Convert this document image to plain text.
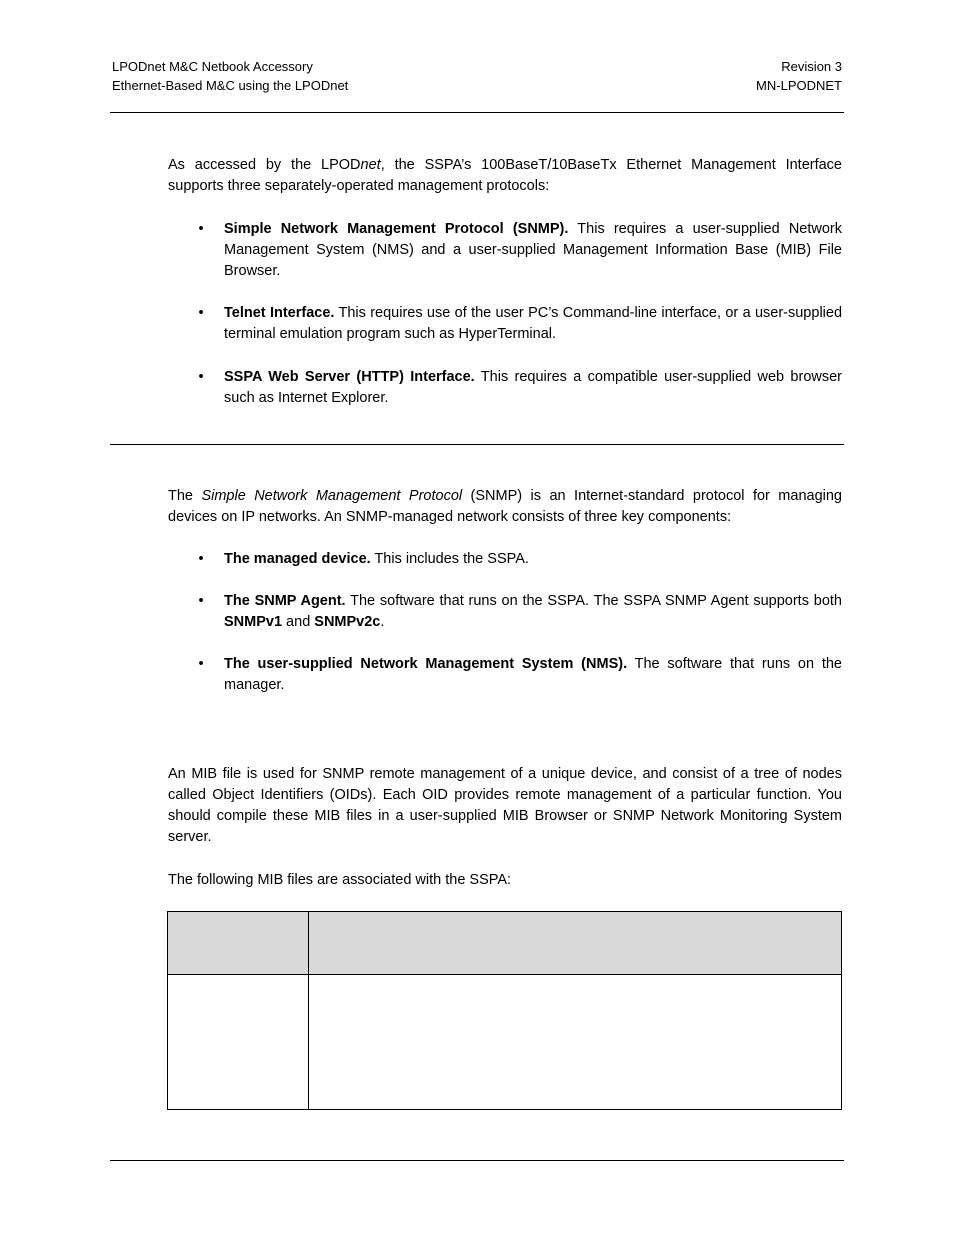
LPODnet M&C Netbook Accessory
Ethernet-Based M&C using the LPODnet
Revision 3
MN-LPODNET

As accessed by the LPODnet, the SSPA’s 100BaseT/10BaseTx Ethernet Management Interface supports three separately-operated management protocols:

• Simple Network Management Protocol (SNMP). This requires a user-supplied Network Management System (NMS) and a user-supplied Management Information Base (MIB) File Browser.
• Telnet Interface. This requires use of the user PC’s Command-line interface, or a user-supplied terminal emulation program such as HyperTerminal.
• SSPA Web Server (HTTP) Interface. This requires a compatible user-supplied web browser such as Internet Explorer.

The Simple Network Management Protocol (SNMP) is an Internet-standard protocol for managing devices on IP networks. An SNMP-managed network consists of three key components:

• The managed device. This includes the SSPA.
• The SNMP Agent. The software that runs on the SSPA. The SSPA SNMP Agent supports both SNMPv1 and SNMPv2c.
• The user-supplied Network Management System (NMS). The software that runs on the manager.

An MIB file is used for SNMP remote management of a unique device, and consist of a tree of nodes called Object Identifiers (OIDs). Each OID provides remote management of a particular function. You should compile these MIB files in a user-supplied MIB Browser or SNMP Network Monitoring System server.

The following MIB files are associated with the SSPA:
